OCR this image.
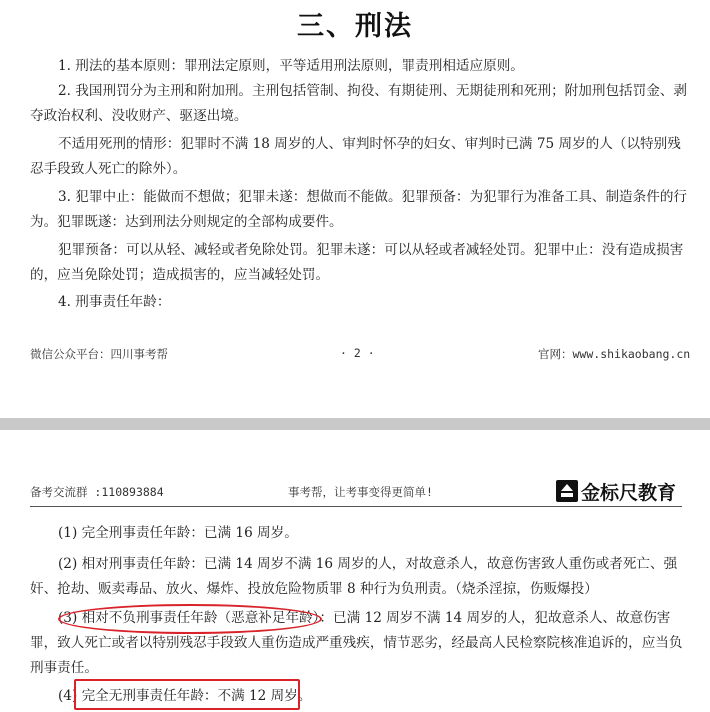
三、刑法
1. 刑法的基本原则：罪刑法定原则，平等适用刑法原则，罪责刑相适应原则。
2. 我国刑罚分为主刑和附加刑。主刑包括管制、拘役、有期徒刑、无期徒刑和死刑；附加刑包括罚金、剥夺政治权利、没收财产、驱逐出境。
不适用死刑的情形：犯罪时不满 18 周岁的人、审判时怀孕的妇女、审判时已满 75 周岁的人（以特别残忍手段致人死亡的除外）。
3. 犯罪中止：能做而不想做；犯罪未遂：想做而不能做。犯罪预备：为犯罪行为准备工具、制造条件的行为。犯罪既遂：达到刑法分则规定的全部构成要件。
犯罪预备：可以从轻、减轻或者免除处罚。犯罪未遂：可以从轻或者减轻处罚。犯罪中止：没有造成损害的，应当免除处罚；造成损害的，应当减轻处罚。
4. 刑事责任年龄：
微信公众平台：四川事考帮	· 2 ·	官网：www.shikaobang.cn
备考交流群 :110893884	事考帮，让考事变得更简单!	金标尺教育
(1) 完全刑事责任年龄：已满 16 周岁。
(2) 相对刑事责任年龄：已满 14 周岁不满 16 周岁的人，对故意杀人，故意伤害致人重伤或者死亡、强奸、抢劫、贩卖毒品、放火、爆炸、投放危险物质罪 8 种行为负刑责。（烧杀淫掠，伤贩爆投）
(3) 相对不负刑事责任年龄（恶意补足年龄）：已满 12 周岁不满 14 周岁的人，犯故意杀人、故意伤害罪，致人死亡或者以特别残忍手段致人重伤造成严重残疾，情节恶劣，经最高人民检察院核准追诉的，应当负刑事责任。
(4) 完全无刑事责任年龄：不满 12 周岁。
